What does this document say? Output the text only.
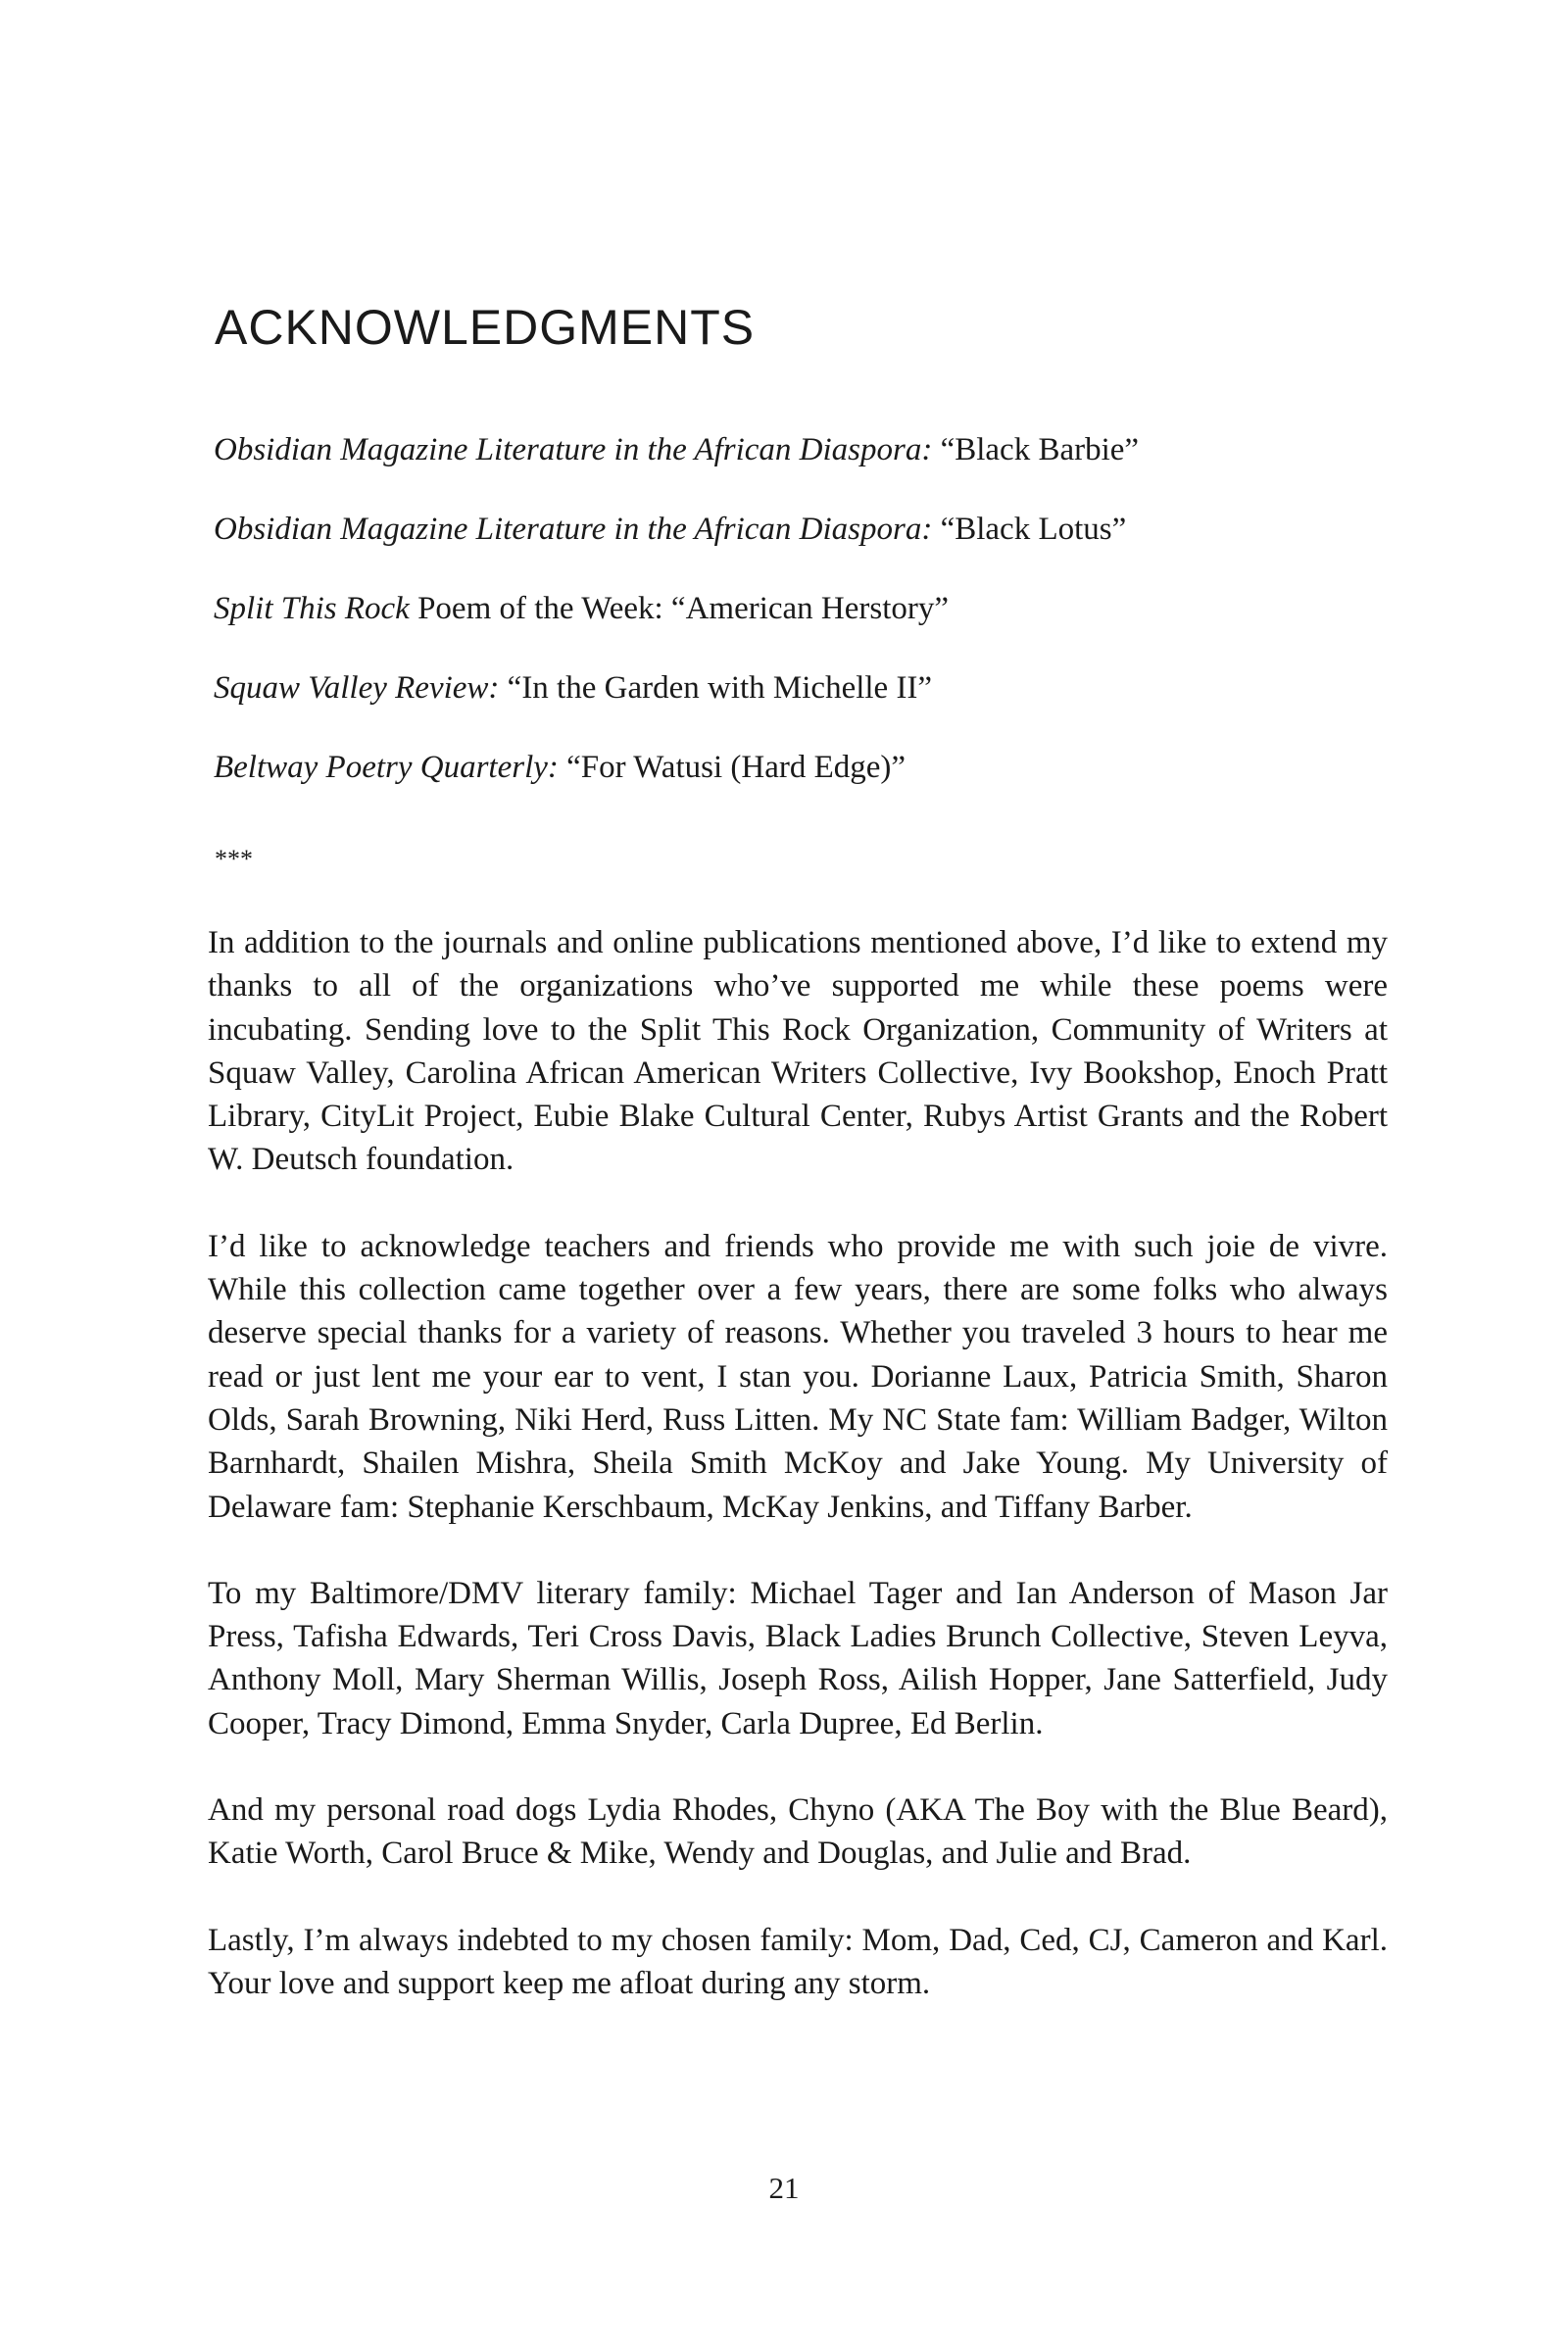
ACKNOWLEDGMENTS
Obsidian Magazine Literature in the African Diaspora: “Black Barbie”
Obsidian Magazine Literature in the African Diaspora: “Black Lotus”
Split This Rock Poem of the Week: “American Herstory”
Squaw Valley Review: “In the Garden with Michelle II”
Beltway Poetry Quarterly: “For Watusi (Hard Edge)”

***

In addition to the journals and online publications mentioned above, I’d like to extend my thanks to all of the organizations who’ve supported me while these poems were incubating. Sending love to the Split This Rock Organization, Community of Writers at Squaw Valley, Carolina African American Writers Collective, Ivy Bookshop, Enoch Pratt Library, CityLit Project, Eubie Blake Cultural Center, Rubys Artist Grants and the Robert W. Deutsch foundation.

I’d like to acknowledge teachers and friends who provide me with such joie de vivre. While this collection came together over a few years, there are some folks who always deserve special thanks for a variety of reasons. Whether you traveled 3 hours to hear me read or just lent me your ear to vent, I stan you. Dorianne Laux, Patricia Smith, Sharon Olds, Sarah Browning, Niki Herd, Russ Litten. My NC State fam: William Badger, Wilton Barnhardt, Shailen Mishra, Sheila Smith McKoy and Jake Young. My University of Delaware fam: Stephanie Kerschbaum, McKay Jenkins, and Tiffany Barber.

To my Baltimore/DMV literary family: Michael Tager and Ian Anderson of Mason Jar Press, Tafisha Edwards, Teri Cross Davis, Black Ladies Brunch Collective, Steven Leyva, Anthony Moll, Mary Sherman Willis, Joseph Ross, Ailish Hopper, Jane Satterfield, Judy Cooper, Tracy Dimond, Emma Snyder, Carla Dupree, Ed Berlin.

And my personal road dogs Lydia Rhodes, Chyno (AKA The Boy with the Blue Beard), Katie Worth, Carol Bruce & Mike, Wendy and Douglas, and Julie and Brad.

Lastly, I’m always indebted to my chosen family: Mom, Dad, Ced, CJ, Cameron and Karl. Your love and support keep me afloat during any storm.

21
